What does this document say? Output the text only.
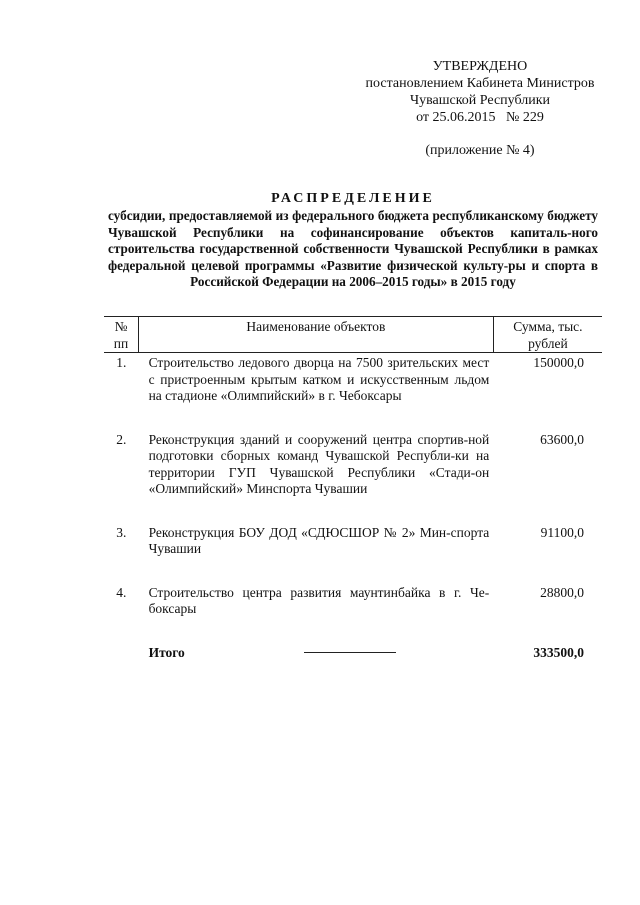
УТВЕРЖДЕНО
постановлением Кабинета Министров
Чувашской Республики
от 25.06.2015   № 229
(приложение № 4)
РАСПРЕДЕЛЕНИЕ
субсидии, предоставляемой из федерального бюджета республиканскому бюджету Чувашской Республики на софинансирование объектов капиталь-ного строительства государственной собственности Чувашской Республики в рамках федеральной целевой программы «Развитие физической культу-ры и спорта в Российской Федерации на 2006–2015 годы» в 2015 году
№ пп	Наименование объектов	Сумма, тыс. рублей
1.	Строительство ледового дворца на 7500 зрительских мест с пристроенным крытым катком и искусственным льдом на стадионе «Олимпийский» в г. Чебоксары	150000,0
2.	Реконструкция зданий и сооружений центра спортив-ной подготовки сборных команд Чувашской Республи-ки на территории ГУП Чувашской Республики «Стади-он «Олимпийский» Минспорта Чувашии	63600,0
3.	Реконструкция БОУ ДОД «СДЮСШОР № 2» Мин-спорта Чувашии	91100,0
4.	Строительство центра развития маунтинбайка в г. Че-боксары	28800,0
	Итого	333500,0
